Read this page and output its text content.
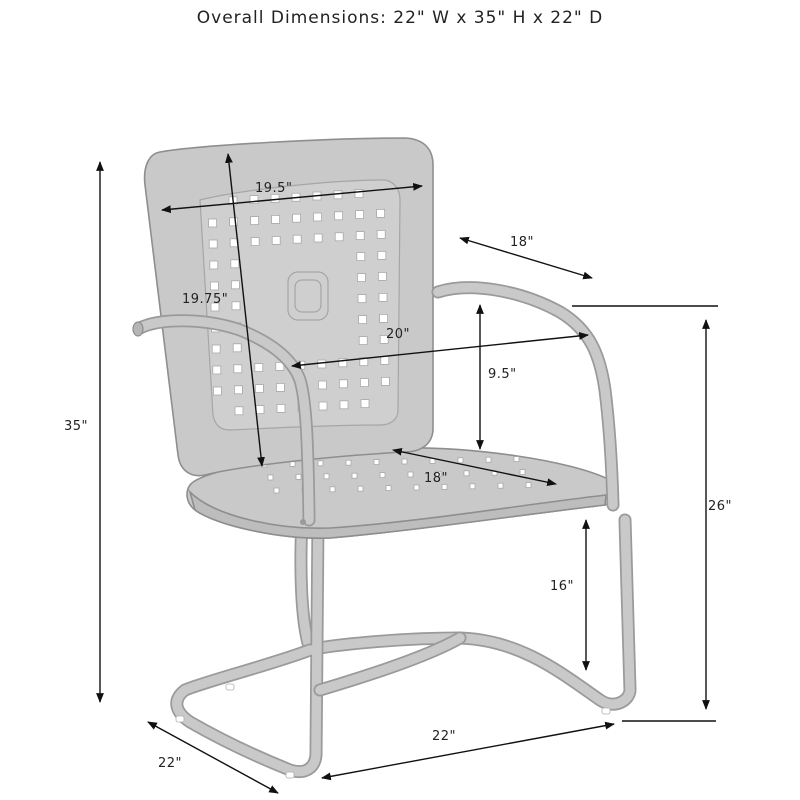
Overall Dimensions: 22" W x 35" H x 22" D
19.5"
19.75"
18"
20"
9.5"
18"
16"
26"
35"
22"
22"
